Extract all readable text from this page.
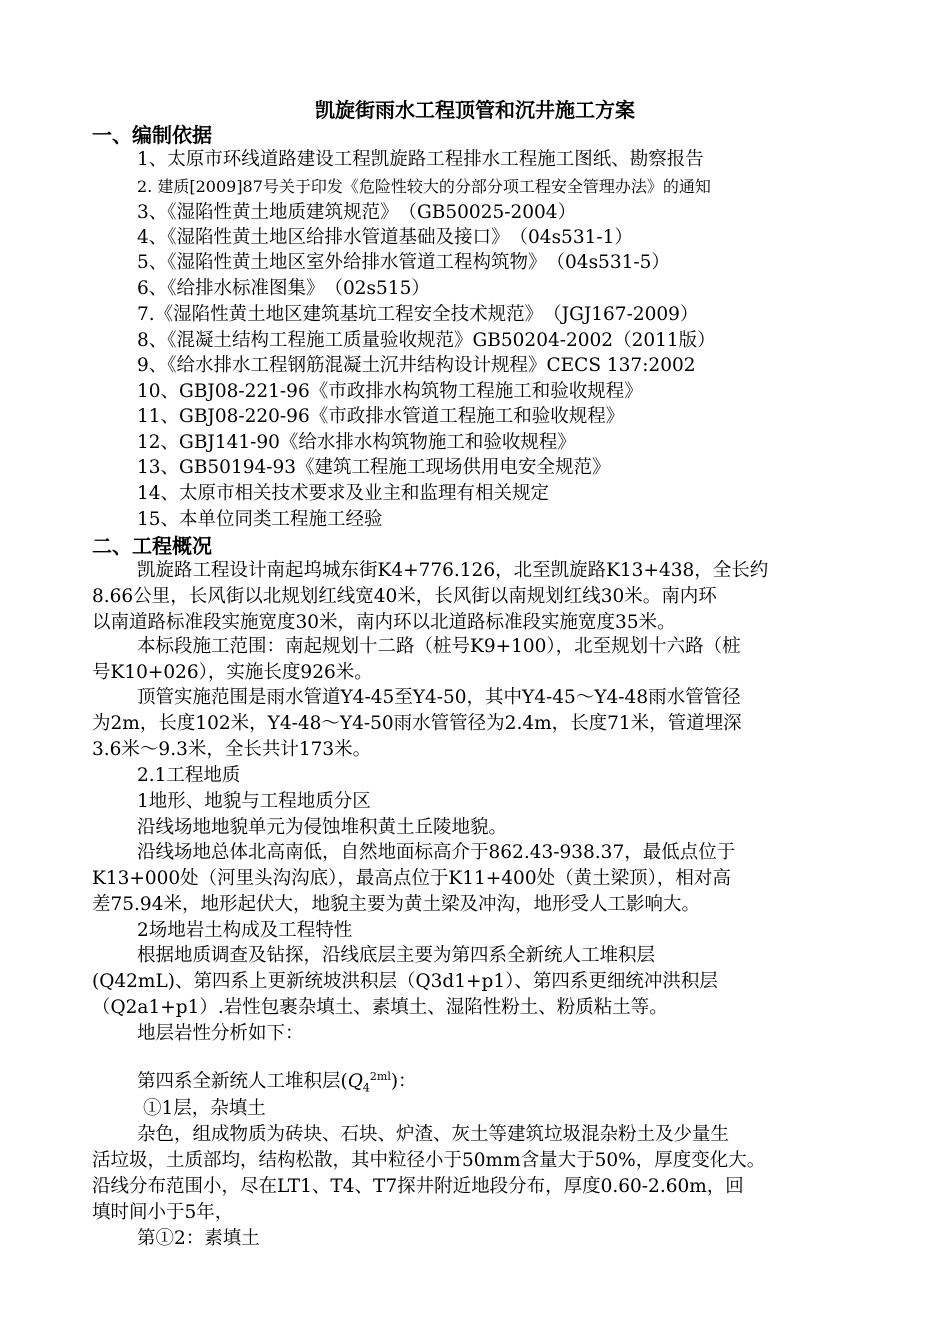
凯旋街雨水工程顶管和沉井施工方案
一、编制依据
1、太原市环线道路建设工程凯旋路工程排水工程施工图纸、勘察报告
2. 建质[2009]87号关于印发《危险性较大的分部分项工程安全管理办法》的通知
3、《湿陷性黄土地质建筑规范》　（GB50025-2004）
4、《湿陷性黄土地区给排水管道基础及接口》　（04s531-1）
5、《湿陷性黄土地区室外给排水管道工程构筑物》　（04s531-5）
6、《给排水标准图集》　（02s515）
7.《湿陷性黄土地区建筑基坑工程安全技术规范》　（JGJ167-2009）
8、《混凝土结构工程施工质量验收规范》GB50204-2002（2011版）
9、《给水排水工程钢筋混凝土沉井结构设计规程》CECS 137:2002
10、GBJ08-221-96《市政排水构筑物工程施工和验收规程》
11、GBJ08-220-96《市政排水管道工程施工和验收规程》
12、GBJ141-90《给水排水构筑物施工和验收规程》
13、GB50194-93《建筑工程施工现场供用电安全规范》
14、太原市相关技术要求及业主和监理有相关规定
15、本单位同类工程施工经验
二、工程概况
凯旋路工程设计南起坞城东街K4+776.126，北至凯旋路K13+438，全长约
8.66公里，长风街以北规划红线宽40米，长风街以南规划红线30米。南内环
以南道路标准段实施宽度30米，南内环以北道路标准段实施宽度35米。
本标段施工范围：南起规划十二路（桩号K9+100），北至规划十六路（桩
号K10+026），实施长度926米。
顶管实施范围是雨水管道Y4-45至Y4-50，其中Y4-45～Y4-48雨水管管径
为2m，长度102米，Y4-48～Y4-50雨水管管径为2.4m，长度71米，管道埋深
3.6米～9.3米，全长共计173米。
2.1工程地质
1地形、地貌与工程地质分区
沿线场地地貌单元为侵蚀堆积黄土丘陵地貌。
沿线场地总体北高南低，自然地面标高介于862.43-938.37，最低点位于
K13+000处（河里头沟沟底），最高点位于K11+400处（黄土梁顶），相对高
差75.94米，地形起伏大，地貌主要为黄土梁及冲沟，地形受人工影响大。
2场地岩土构成及工程特性
根据地质调查及钻探，沿线底层主要为第四系全新统人工堆积层
(Q42mL)、第四系上更新统坡洪积层（Q3d1+p1）、第四系更细统冲洪积层
（Q2a1+p1）.岩性包裹杂填土、素填土、湿陷性粉土、粉质粘土等。
地层岩性分析如下：
第四系全新统人工堆积层$(Q_4^{2ml})$：
①1层，杂填土
杂色，组成物质为砖块、石块、炉渣、灰土等建筑垃圾混杂粉土及少量生
活垃圾，土质部均，结构松散，其中粒径小于50mm含量大于50%，厚度变化大。
沿线分布范围小，尽在LT1、T4、T7探井附近地段分布，厚度0.60-2.60m，回
填时间小于5年，
第①2：素填土
